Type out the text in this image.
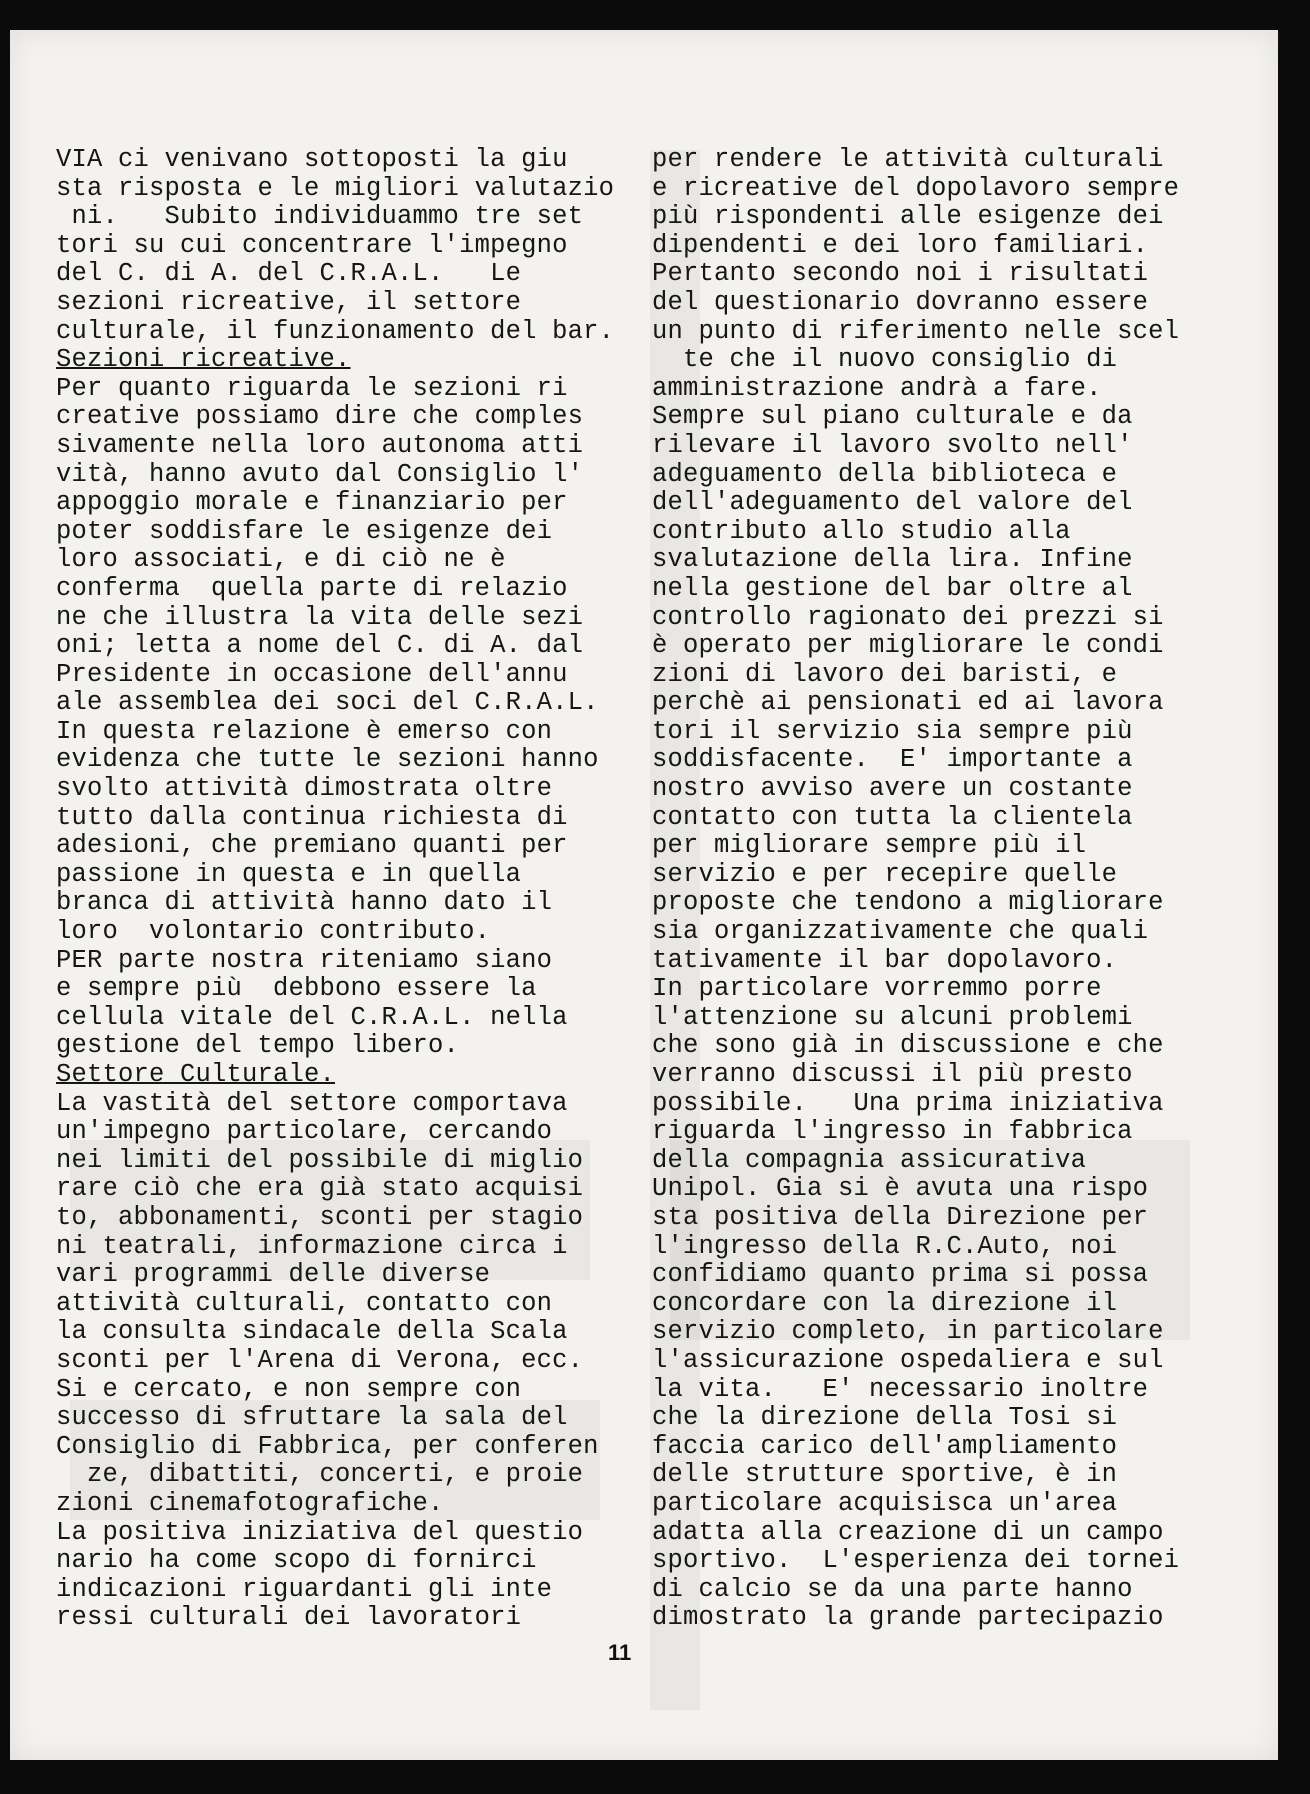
VIA ci venivano sottoposti la giu
sta risposta e le migliori valutazio
ni.   Subito individuammo tre set
tori su cui concentrare l'impegno
del C. di A. del C.R.A.L.   Le
sezioni ricreative, il settore
culturale, il funzionamento del bar.
Sezioni ricreative.
Per quanto riguarda le sezioni ri
creative possiamo dire che comples
sivamente nella loro autonoma atti
vità, hanno avuto dal Consiglio l'
appoggio morale e finanziario per
poter soddisfare le esigenze dei
loro associati, e di ciò ne è
conferma  quella parte di relazio
ne che illustra la vita delle sezi
oni; letta a nome del C. di A. dal
Presidente in occasione dell'annu
ale assemblea dei soci del C.R.A.L.
In questa relazione è emerso con
evidenza che tutte le sezioni hanno
svolto attività dimostrata oltre
tutto dalla continua richiesta di
adesioni, che premiano quanti per
passione in questa e in quella
branca di attività hanno dato il
loro  volontario contributo.
PER parte nostra riteniamo siano
e sempre più  debbono essere la
cellula vitale del C.R.A.L. nella
gestione del tempo libero.
Settore Culturale.
La vastità del settore comportava
un'impegno particolare, cercando
nei limiti del possibile di miglio
rare ciò che era già stato acquisi
to, abbonamenti, sconti per stagio
ni teatrali, informazione circa i
vari programmi delle diverse
attività culturali, contatto con
la consulta sindacale della Scala
sconti per l'Arena di Verona, ecc.
Si e cercato, e non sempre con
successo di sfruttare la sala del
Consiglio di Fabbrica, per conferen
ze, dibattiti, concerti, e proie
zioni cinemafotografiche.
La positiva iniziativa del questio
nario ha come scopo di fornirci
indicazioni riguardanti gli inte
ressi culturali dei lavoratori
per rendere le attività culturali
e ricreative del dopolavoro sempre
più rispondenti alle esigenze dei
dipendenti e dei loro familiari.
Pertanto secondo noi i risultati
del questionario dovranno essere
un punto di riferimento nelle scel
te che il nuovo consiglio di
amministrazione andrà a fare.
Sempre sul piano culturale e da
rilevare il lavoro svolto nell'
adeguamento della biblioteca e
dell'adeguamento del valore del
contributo allo studio alla
svalutazione della lira. Infine
nella gestione del bar oltre al
controllo ragionato dei prezzi si
è operato per migliorare le condi
zioni di lavoro dei baristi, e
perchè ai pensionati ed ai lavora
tori il servizio sia sempre più
soddisfacente.  E' importante a
nostro avviso avere un costante
contatto con tutta la clientela
per migliorare sempre più il
servizio e per recepire quelle
proposte che tendono a migliorare
sia organizzativamente che quali
tativamente il bar dopolavoro.
In particolare vorremmo porre
l'attenzione su alcuni problemi
che sono già in discussione e che
verranno discussi il più presto
possibile.   Una prima iniziativa
riguarda l'ingresso in fabbrica
della compagnia assicurativa
Unipol. Gia si è avuta una rispo
sta positiva della Direzione per
l'ingresso della R.C.Auto, noi
confidiamo quanto prima si possa
concordare con la direzione il
servizio completo, in particolare
l'assicurazione ospedaliera e sul
la vita.   E' necessario inoltre
che la direzione della Tosi si
faccia carico dell'ampliamento
delle strutture sportive, è in
particolare acquisisca un'area
adatta alla creazione di un campo
sportivo.  L'esperienza dei tornei
di calcio se da una parte hanno
dimostrato la grande partecipazio
11
